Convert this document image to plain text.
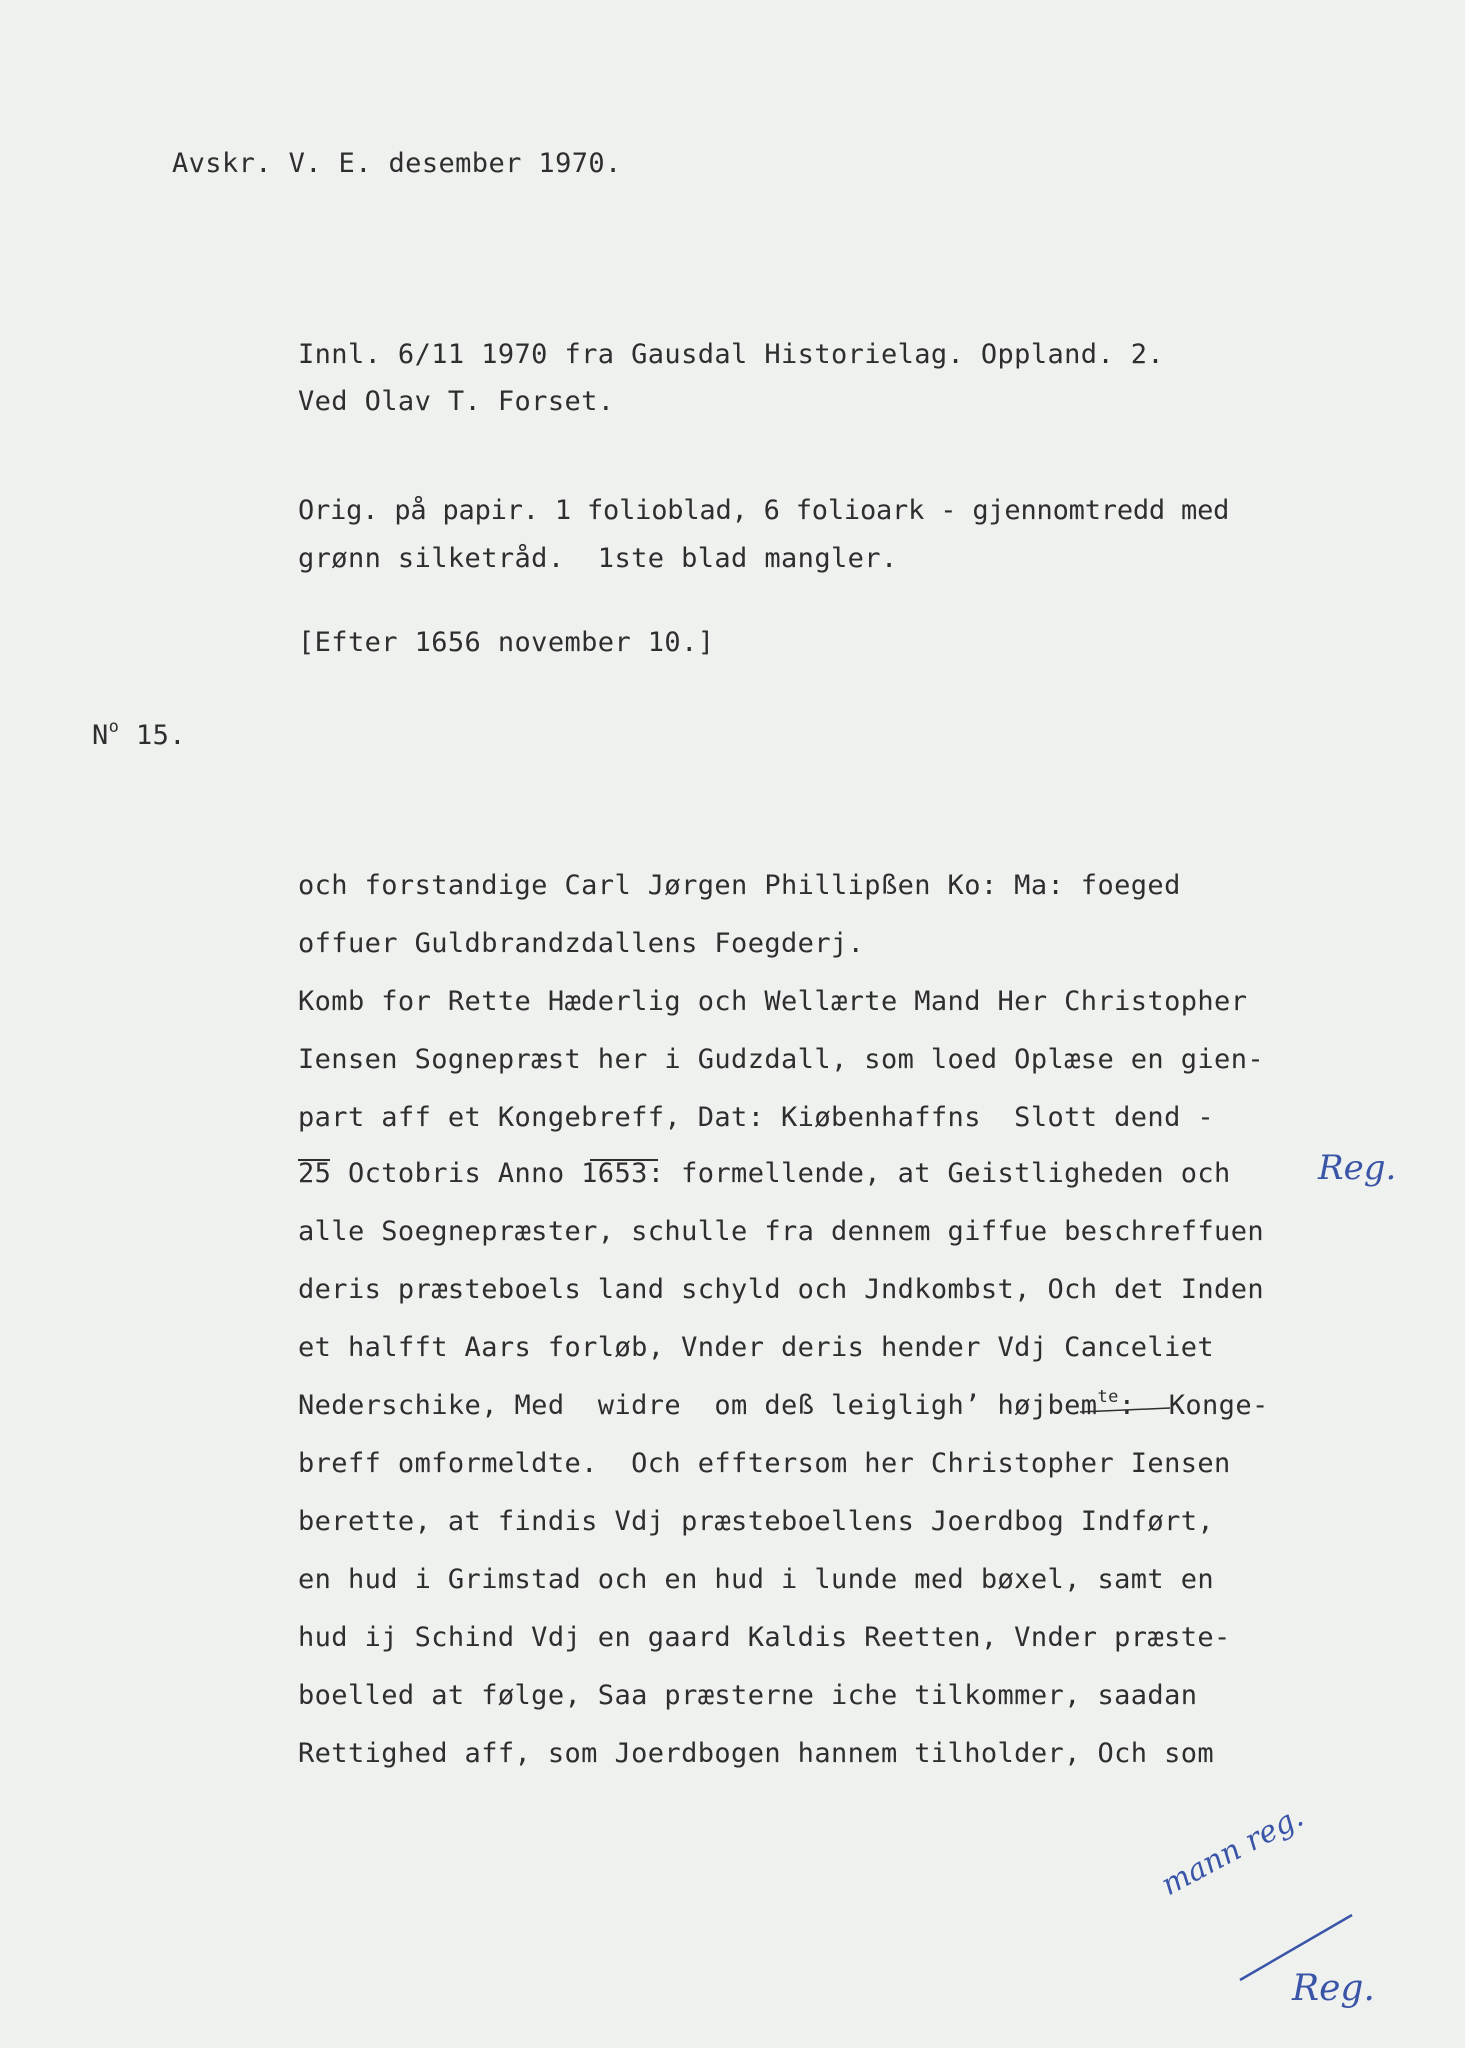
Avskr. V. E. desember 1970.
Innl. 6/11 1970 fra Gausdal Historielag. Oppland. 2.
Ved Olav T. Forset.
Orig. på papir. 1 folioblad, 6 folioark - gjennomtredd med
grønn silketråd.  1ste blad mangler.
[Efter 1656 november 10.]
$N^o$ 15.
och forstandige Carl Jørgen Phillipßen Ko: Ma: foeged
offuer Guldbrandzdallens Foegderj.
Komb for Rette Hæderlig och Wellærte Mand Her Christopher
Iensen Sognepræst her i Gudzdall, som loed Oplæse en gien-
part aff et Kongebreff, Dat: Kiøbenhaffns  Slott dend -
25 Octobris Anno 1653: formellende, at Geistligheden och
alle Soegnepræster, schulle fra dennem giffue beschreffuen
deris præsteboels land schyld och Jndkombst, Och det Inden
et halfft Aars forløb, Vnder deris hender Vdj Canceliet
Nederschike, Med  widre  om deß leigligh’ højbem$^{te}$:  Konge-
breff omformeldte.  Och efftersom her Christopher Iensen
berette, at findis Vdj præsteboellens Joerdbog Indført,
en hud i Grimstad och en hud i lunde med bøxel, samt en
hud ij Schind Vdj en gaard Kaldis Reetten, Vnder præste-
boelled at følge, Saa præsterne iche tilkommer, saadan
Rettighed aff, som Joerdbogen hannem tilholder, Och som
Reg.
mann reg.
Reg.
